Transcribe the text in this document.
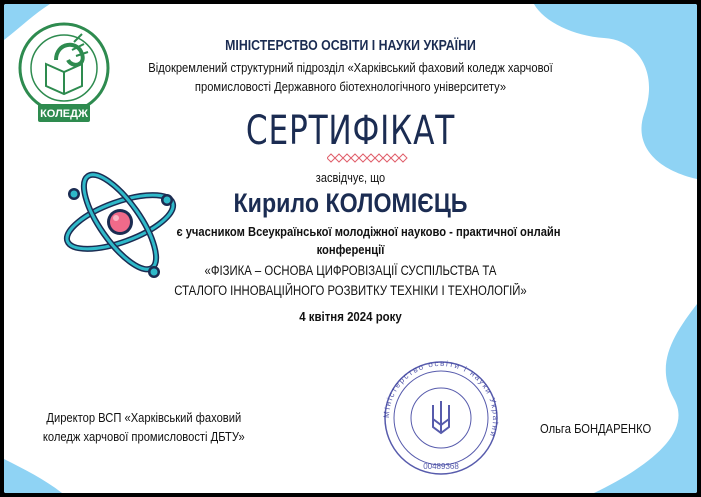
КОЛЕДЖ
МІНІСТЕРСТВО ОСВІТИ І НАУКИ УКРАЇНИ
Відокремлений структурний підрозділ «Харківський фаховий коледж харчової
промисловості Державного біотехнологічного університету»
СЕРТИФІКАТ
засвідчує, що
Кирило КОЛОМІЄЦЬ
є учасником Всеукраїнської молодіжної науково - практичної онлайн
конференції
«ФІЗИКА – ОСНОВА ЦИФРОВІЗАЦІЇ СУСПІЛЬСТВА ТА
СТАЛОГО ІННОВАЦІЙНОГО РОЗВИТКУ ТЕХНІКИ І ТЕХНОЛОГІЙ»
4 квітня 2024 року
Директор ВСП «Харківський фаховий
коледж харчової промисловості ДБТУ»
Міністерство освіти і науки України
00489368
Ольга БОНДАРЕНКО
